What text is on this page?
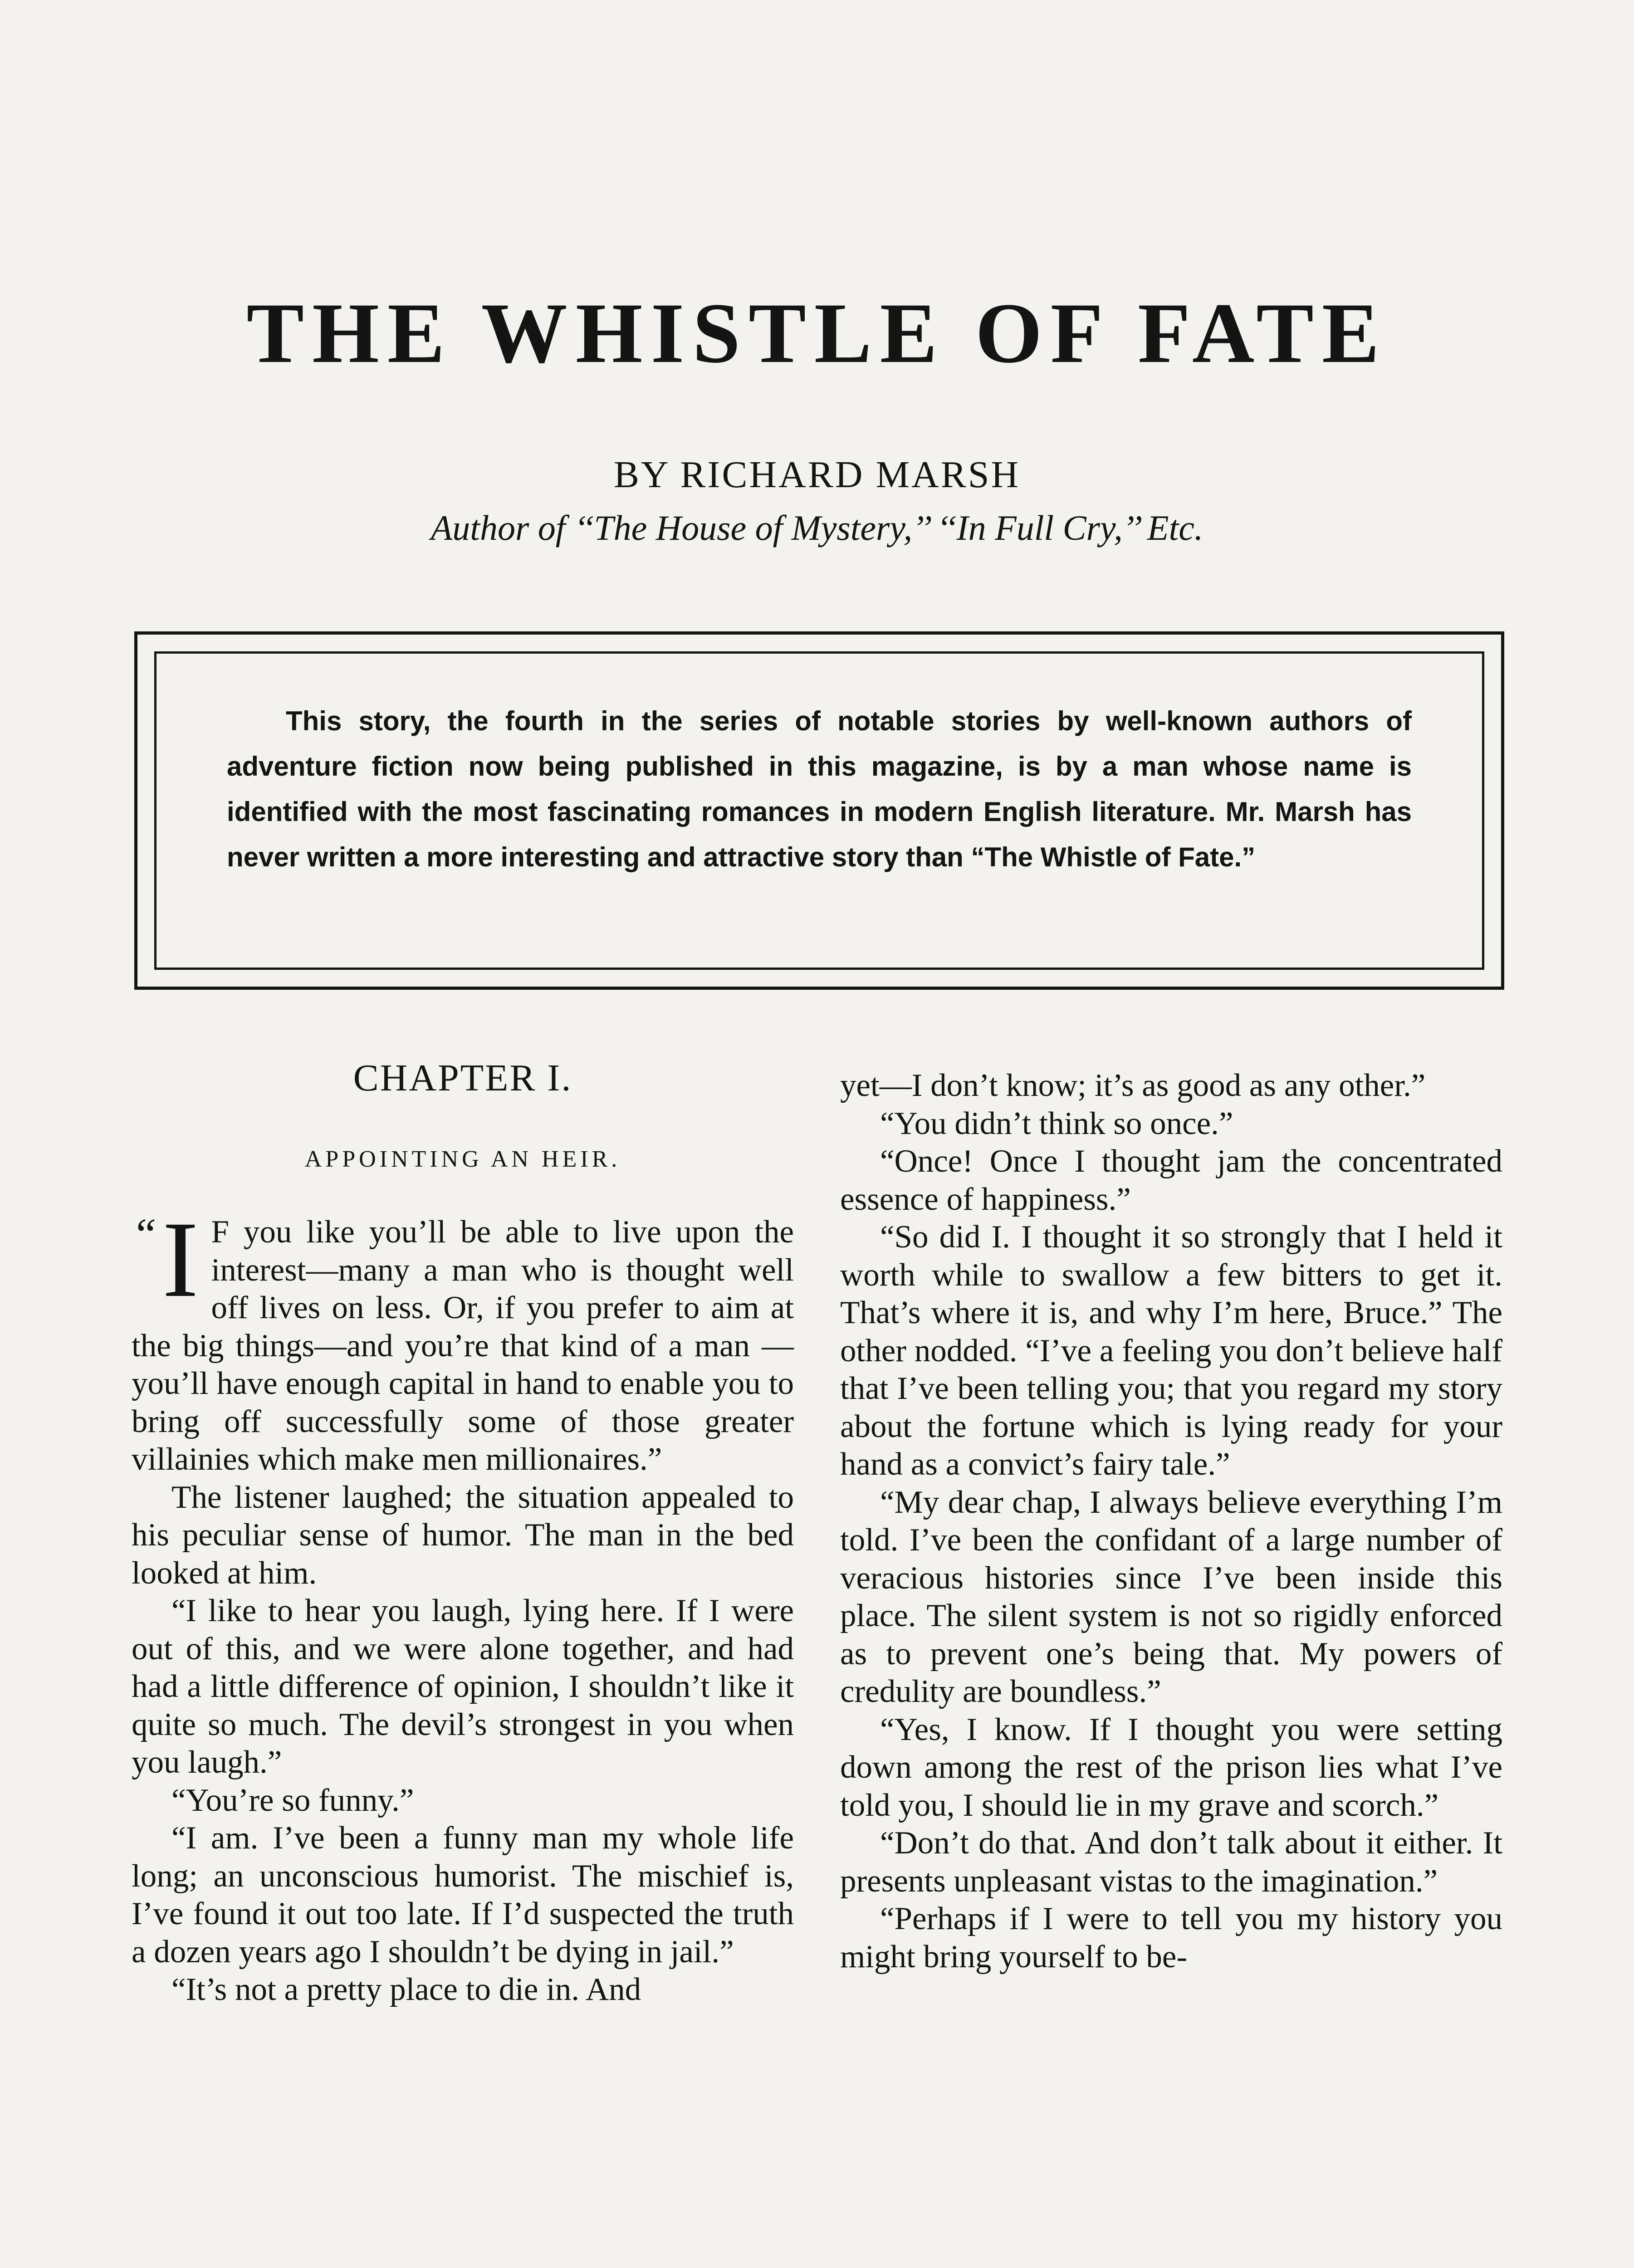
THE WHISTLE OF FATE
BY RICHARD MARSH
Author of ‘‘The House of Mystery,’’ ‘‘In Full Cry,’’ Etc.
This story, the fourth in the series of notable stories by well-known authors of adventure fiction now being published in this magazine, is by a man whose name is identified with the most fascinating romances in modern English literature. Mr. Marsh has never written a more interesting and attractive story than “The Whistle of Fate.”
CHAPTER I.
APPOINTING AN HEIR.

“ I F you like you’ll be able to live upon the interest—many a man who is thought well off lives on less. Or, if you prefer to aim at the big things—and you’re that kind of a man —you’ll have enough capital in hand to enable you to bring off successfully some of those greater villainies which make men millionaires.”

The listener laughed; the situation appealed to his peculiar sense of humor. The man in the bed looked at him.

“I like to hear you laugh, lying here. If I were out of this, and we were alone together, and had had a little difference of opinion, I shouldn’t like it quite so much. The devil’s strongest in you when you laugh.”

“You’re so funny.”

“I am. I’ve been a funny man my whole life long; an unconscious humorist. The mischief is, I’ve found it out too late. If I’d suspected the truth a dozen years ago I shouldn’t be dying in jail.”

“It’s not a pretty place to die in. And

yet—I don’t know; it’s as good as any other.”

“You didn’t think so once.”

“Once! Once I thought jam the concentrated essence of happiness.”

“So did I. I thought it so strongly that I held it worth while to swallow a few bitters to get it. That’s where it is, and why I’m here, Bruce.” The other nodded. “I’ve a feeling you don’t believe half that I’ve been telling you; that you regard my story about the fortune which is lying ready for your hand as a convict’s fairy tale.”

“My dear chap, I always believe everything I’m told. I’ve been the confidant of a large number of veracious histories since I’ve been inside this place. The silent system is not so rigidly enforced as to prevent one’s being that. My powers of credulity are boundless.”

“Yes, I know. If I thought you were setting down among the rest of the prison lies what I’ve told you, I should lie in my grave and scorch.”

“Don’t do that. And don’t talk about it either. It presents unpleasant vistas to the imagination.”

“Perhaps if I were to tell you my history you might bring yourself to be-
